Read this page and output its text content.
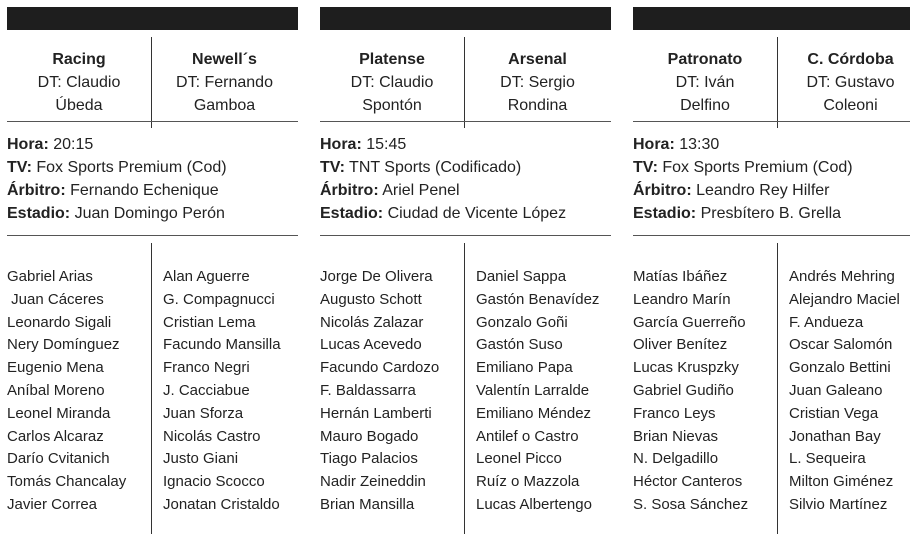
Racing
DT: Claudio
Úbeda
Newell´s
DT: Fernando
Gamboa
Hora: 20:15
TV: Fox Sports Premium (Cod)
Árbitro: Fernando Echenique
Estadio: Juan Domingo Perón
Gabriel Arias
Juan Cáceres
Leonardo Sigali
Nery Domínguez
Eugenio Mena
Aníbal Moreno
Leonel Miranda
Carlos Alcaraz
Darío Cvitanich
Tomás Chancalay
Javier Correa
Alan Aguerre
G. Compagnucci
Cristian Lema
Facundo Mansilla
Franco Negri
J. Cacciabue
Juan Sforza
Nicolás Castro
Justo Giani
Ignacio Scocco
Jonatan Cristaldo
Platense
DT: Claudio
Spontón
Arsenal
DT: Sergio
Rondina
Hora: 15:45
TV: TNT Sports (Codificado)
Árbitro: Ariel Penel
Estadio: Ciudad de Vicente López
Jorge De Olivera
Augusto Schott
Nicolás Zalazar
Lucas Acevedo
Facundo Cardozo
F. Baldassarra
Hernán Lamberti
Mauro Bogado
Tiago Palacios
Nadir Zeineddin
Brian Mansilla
Daniel Sappa
Gastón Benavídez
Gonzalo Goñi
Gastón Suso
Emiliano Papa
Valentín Larralde
Emiliano Méndez
Antilef o Castro
Leonel Picco
Ruíz o Mazzola
Lucas Albertengo
Patronato
DT: Iván
Delfino
C. Córdoba
DT: Gustavo
Coleoni
Hora: 13:30
TV: Fox Sports Premium (Cod)
Árbitro: Leandro Rey Hilfer
Estadio: Presbítero B. Grella
Matías Ibáñez
Leandro Marín
García Guerreño
Oliver Benítez
Lucas Kruspzky
Gabriel Gudiño
Franco Leys
Brian Nievas
N. Delgadillo
Héctor Canteros
S. Sosa Sánchez
Andrés Mehring
Alejandro Maciel
F. Andueza
Oscar Salomón
Gonzalo Bettini
Juan Galeano
Cristian Vega
Jonathan Bay
L. Sequeira
Milton Giménez
Silvio Martínez
